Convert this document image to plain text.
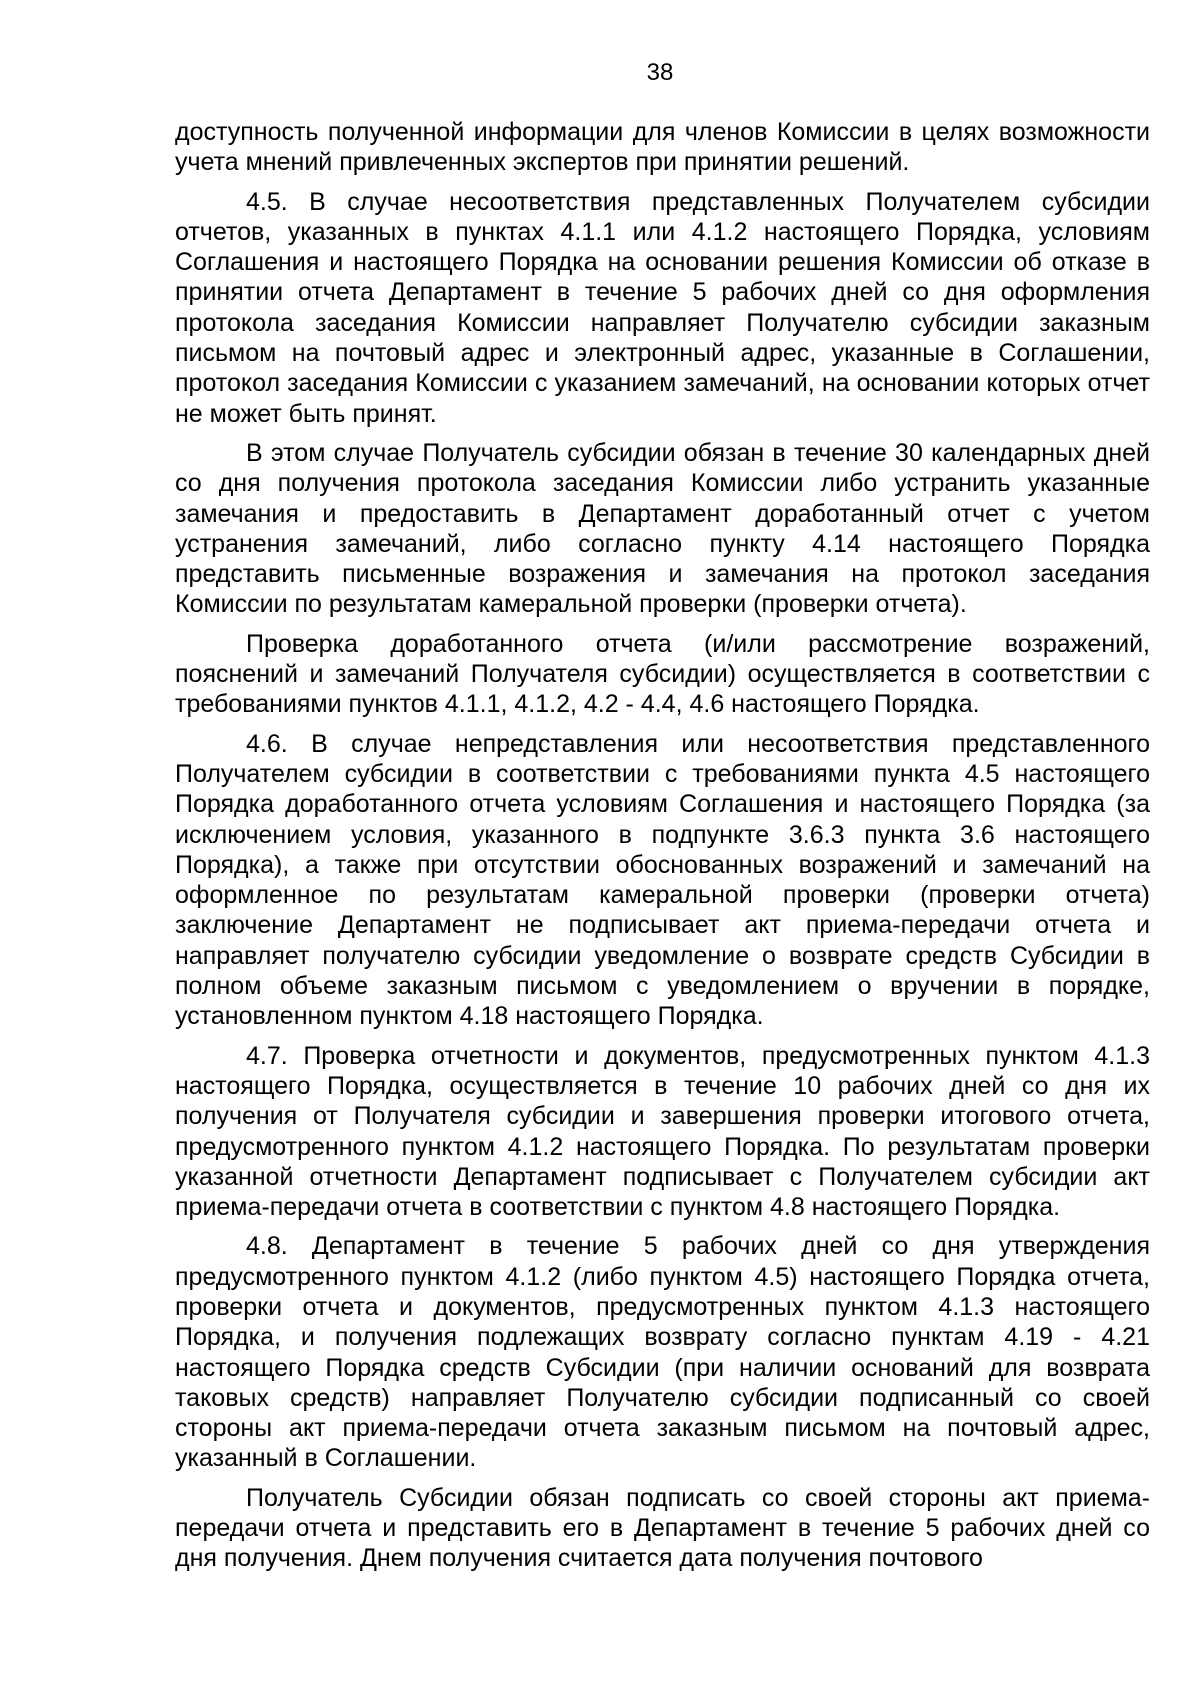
38

доступность полученной информации для членов Комиссии в целях возможности учета мнений привлеченных экспертов при принятии решений.

4.5. В случае несоответствия представленных Получателем субсидии отчетов, указанных в пунктах 4.1.1 или 4.1.2 настоящего Порядка, условиям Соглашения и настоящего Порядка на основании решения Комиссии об отказе в принятии отчета Департамент в течение 5 рабочих дней со дня оформления протокола заседания Комиссии направляет Получателю субсидии заказным письмом на почтовый адрес и электронный адрес, указанные в Соглашении, протокол заседания Комиссии с указанием замечаний, на основании которых отчет не может быть принят.

В этом случае Получатель субсидии обязан в течение 30 календарных дней со дня получения протокола заседания Комиссии либо устранить указанные замечания и предоставить в Департамент доработанный отчет с учетом устранения замечаний, либо согласно пункту 4.14 настоящего Порядка представить письменные возражения и замечания на протокол заседания Комиссии по результатам камеральной проверки (проверки отчета).

Проверка доработанного отчета (и/или рассмотрение возражений, пояснений и замечаний Получателя субсидии) осуществляется в соответствии с требованиями пунктов 4.1.1, 4.1.2, 4.2 - 4.4, 4.6 настоящего Порядка.

4.6. В случае непредставления или несоответствия представленного Получателем субсидии в соответствии с требованиями пункта 4.5 настоящего Порядка доработанного отчета условиям Соглашения и настоящего Порядка (за исключением условия, указанного в подпункте 3.6.3 пункта 3.6 настоящего Порядка), а также при отсутствии обоснованных возражений и замечаний на оформленное по результатам камеральной проверки (проверки отчета) заключение Департамент не подписывает акт приема-передачи отчета и направляет получателю субсидии уведомление о возврате средств Субсидии в полном объеме заказным письмом с уведомлением о вручении в порядке, установленном пунктом 4.18 настоящего Порядка.

4.7. Проверка отчетности и документов, предусмотренных пунктом 4.1.3 настоящего Порядка, осуществляется в течение 10 рабочих дней со дня их получения от Получателя субсидии и завершения проверки итогового отчета, предусмотренного пунктом 4.1.2 настоящего Порядка. По результатам проверки указанной отчетности Департамент подписывает с Получателем субсидии акт приема-передачи отчета в соответствии с пунктом 4.8 настоящего Порядка.

4.8. Департамент в течение 5 рабочих дней со дня утверждения предусмотренного пунктом 4.1.2 (либо пунктом 4.5) настоящего Порядка отчета, проверки отчета и документов, предусмотренных пунктом 4.1.3 настоящего Порядка, и получения подлежащих возврату согласно пунктам 4.19 - 4.21 настоящего Порядка средств Субсидии (при наличии оснований для возврата таковых средств) направляет Получателю субсидии подписанный со своей стороны акт приема-передачи отчета заказным письмом на почтовый адрес, указанный в Соглашении.

Получатель Субсидии обязан подписать со своей стороны акт приема-передачи отчета и представить его в Департамент в течение 5 рабочих дней со дня получения. Днем получения считается дата получения почтового
